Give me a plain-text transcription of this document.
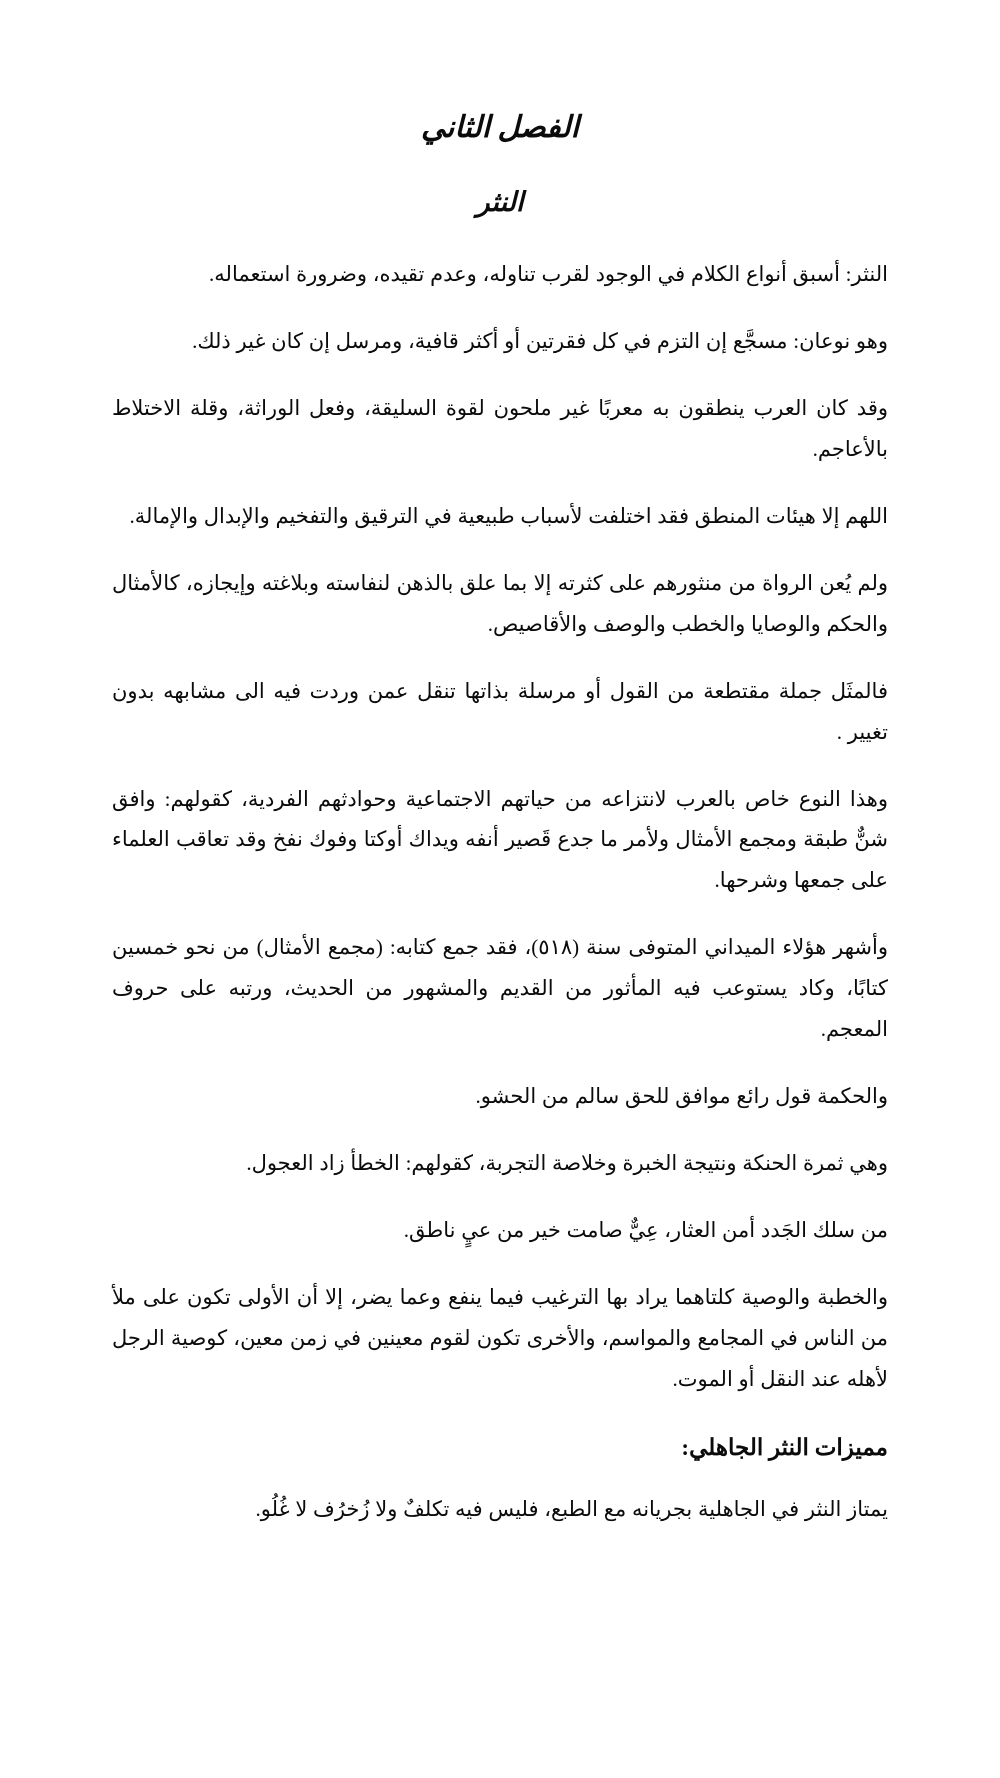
الفصل الثاني
النثر

النثر: أسبق أنواع الكلام في الوجود لقرب تناوله، وعدم تقيده، وضرورة استعماله.

وهو نوعان: مسجَّع إن التزم في كل فقرتين أو أكثر قافية، ومرسل إن كان غير ذلك.

وقد كان العرب ينطقون به معربًا غير ملحون لقوة السليقة، وفعل الوراثة، وقلة الاختلاط بالأعاجم.

اللهم إلا هيئات المنطق فقد اختلفت لأسباب طبيعية في الترقيق والتفخيم والإبدال والإمالة.

ولم يُعن الرواة من منثورهم على كثرته إلا بما علق بالذهن لنفاسته وبلاغته وإيجازه، كالأمثال والحكم والوصايا والخطب والوصف والأقاصيص.

فالمثَل جملة مقتطعة من القول أو مرسلة بذاتها تنقل عمن وردت فيه الى مشابهه بدون تغيير .

وهذا النوع خاص بالعرب لانتزاعه من حياتهم الاجتماعية وحوادثهم الفردية، كقولهم: وافق شنٌّ طبقة ومجمع الأمثال ولأمر ما جدع قَصير أنفه ويداك أوكتا وفوك نفخ وقد تعاقب العلماء على جمعها وشرحها.

وأشهر هؤلاء الميداني المتوفى سنة (٥١٨)، فقد جمع كتابه: (مجمع الأمثال) من نحو خمسين كتابًا، وكاد يستوعب فيه المأثور من القديم والمشهور من الحديث، ورتبه على حروف المعجم.

والحكمة قول رائع موافق للحق سالم من الحشو.

وهي ثمرة الحنكة ونتيجة الخبرة وخلاصة التجربة، كقولهم: الخطأ زاد العجول.

من سلك الجَدد أمن العثار، عِيٌّ صامت خير من عيٍ ناطق.

والخطبة والوصية كلتاهما يراد بها الترغيب فيما ينفع وعما يضر، إلا أن الأولى تكون على ملأ من الناس في المجامع والمواسم، والأخرى تكون لقوم معينين في زمن معين، كوصية الرجل لأهله عند النقل أو الموت.

مميزات النثر الجاهلي:

يمتاز النثر في الجاهلية بجريانه مع الطبع، فليس فيه تكلفٌ ولا زُخرُف لا غُلُو.
